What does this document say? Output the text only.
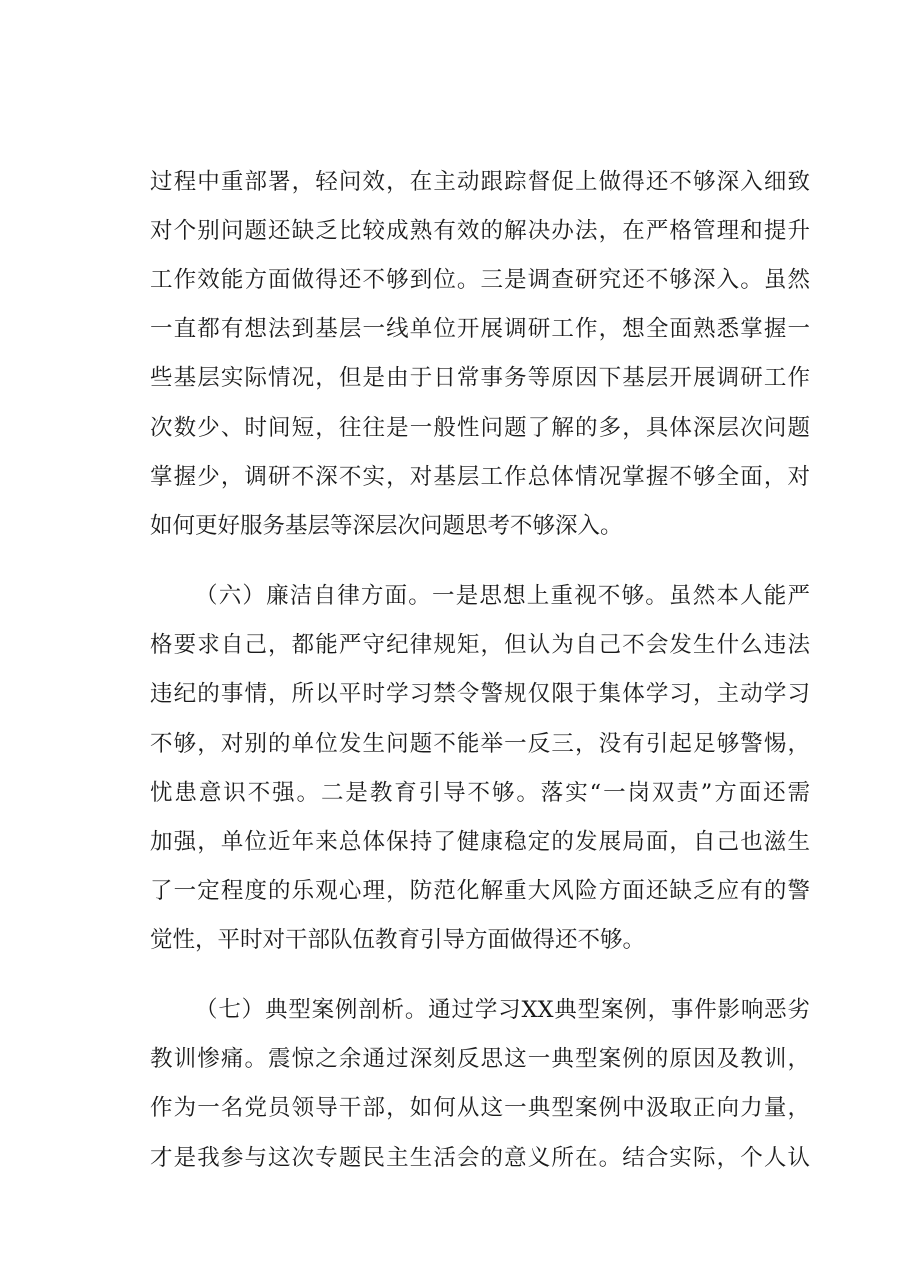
过程中重部署，轻问效，在主动跟踪督促上做得还不够深入细致
对个别问题还缺乏比较成熟有效的解决办法，在严格管理和提升
工作效能方面做得还不够到位。三是调查研究还不够深入。虽然
一直都有想法到基层一线单位开展调研工作，想全面熟悉掌握一
些基层实际情况，但是由于日常事务等原因下基层开展调研工作
次数少、时间短，往往是一般性问题了解的多，具体深层次问题
掌握少，调研不深不实，对基层工作总体情况掌握不够全面，对
如何更好服务基层等深层次问题思考不够深入。
（六）廉洁自律方面。一是思想上重视不够。虽然本人能严
格要求自己，都能严守纪律规矩，但认为自己不会发生什么违法
违纪的事情，所以平时学习禁令警规仅限于集体学习，主动学习
不够，对别的单位发生问题不能举一反三，没有引起足够警惕，
忧患意识不强。二是教育引导不够。落实“一岗双责”方面还需
加强，单位近年来总体保持了健康稳定的发展局面，自己也滋生
了一定程度的乐观心理，防范化解重大风险方面还缺乏应有的警
觉性，平时对干部队伍教育引导方面做得还不够。
（七）典型案例剖析。通过学习XX典型案例，事件影响恶劣
教训惨痛。震惊之余通过深刻反思这一典型案例的原因及教训，
作为一名党员领导干部，如何从这一典型案例中汲取正向力量，
才是我参与这次专题民主生活会的意义所在。结合实际，个人认
